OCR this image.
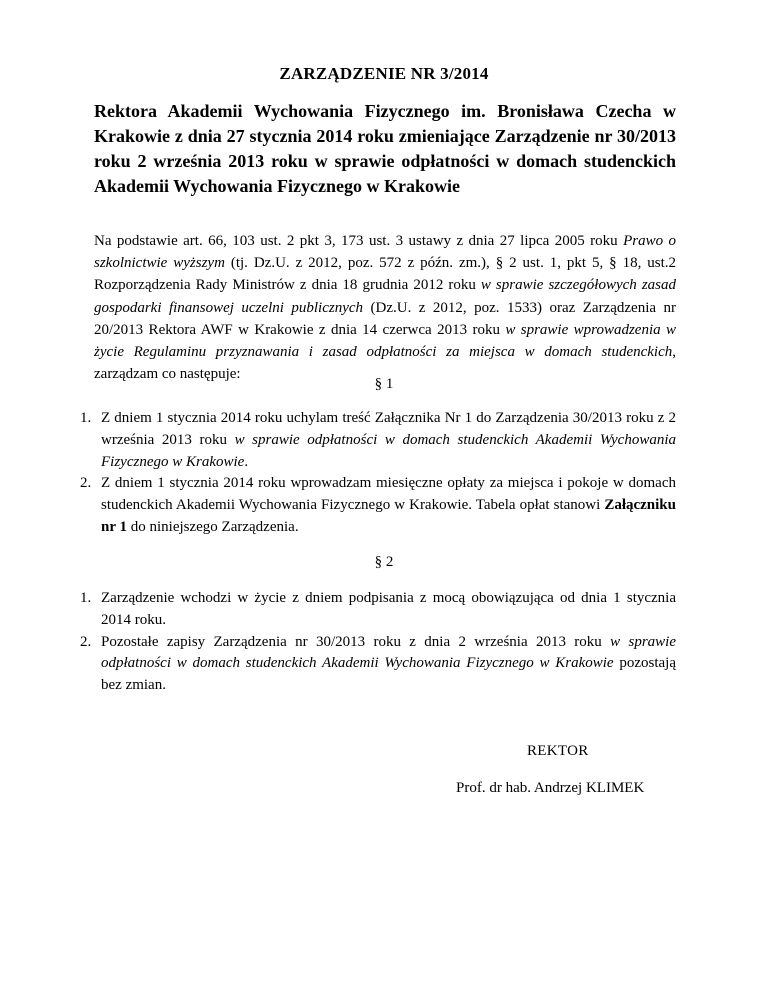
ZARZĄDZENIE NR 3/2014
Rektora Akademii Wychowania Fizycznego im. Bronisława Czecha w Krakowie z dnia 27 stycznia 2014 roku zmieniające Zarządzenie nr 30/2013 roku 2 września 2013 roku w sprawie odpłatności w domach studenckich Akademii Wychowania Fizycznego w Krakowie
Na podstawie art. 66, 103 ust. 2 pkt 3, 173 ust. 3 ustawy z dnia 27 lipca 2005 roku Prawo o szkolnictwie wyższym (tj. Dz.U. z 2012, poz. 572 z późn. zm.), § 2 ust. 1, pkt 5, § 18, ust.2 Rozporządzenia Rady Ministrów z dnia 18 grudnia 2012 roku w sprawie szczegółowych zasad gospodarki finansowej uczelni publicznych (Dz.U. z 2012, poz. 1533) oraz Zarządzenia nr 20/2013 Rektora AWF w Krakowie z dnia 14 czerwca 2013 roku w sprawie wprowadzenia w życie Regulaminu przyznawania i zasad odpłatności za miejsca w domach studenckich, zarządzam co następuje:
§ 1
1. Z dniem 1 stycznia 2014 roku uchylam treść Załącznika Nr 1 do Zarządzenia 30/2013 roku z 2 września 2013 roku w sprawie odpłatności w domach studenckich Akademii Wychowania Fizycznego w Krakowie.
2. Z dniem 1 stycznia 2014 roku wprowadzam miesięczne opłaty za miejsca i pokoje w domach studenckich Akademii Wychowania Fizycznego w Krakowie. Tabela opłat stanowi Załączniku nr 1 do niniejszego Zarządzenia.
§ 2
1. Zarządzenie wchodzi w życie z dniem podpisania z mocą obowiązująca od dnia 1 stycznia 2014 roku.
2. Pozostałe zapisy Zarządzenia nr 30/2013 roku z dnia 2 września 2013 roku w sprawie odpłatności w domach studenckich Akademii Wychowania Fizycznego w Krakowie pozostają bez zmian.
REKTOR
Prof. dr hab. Andrzej KLIMEK
